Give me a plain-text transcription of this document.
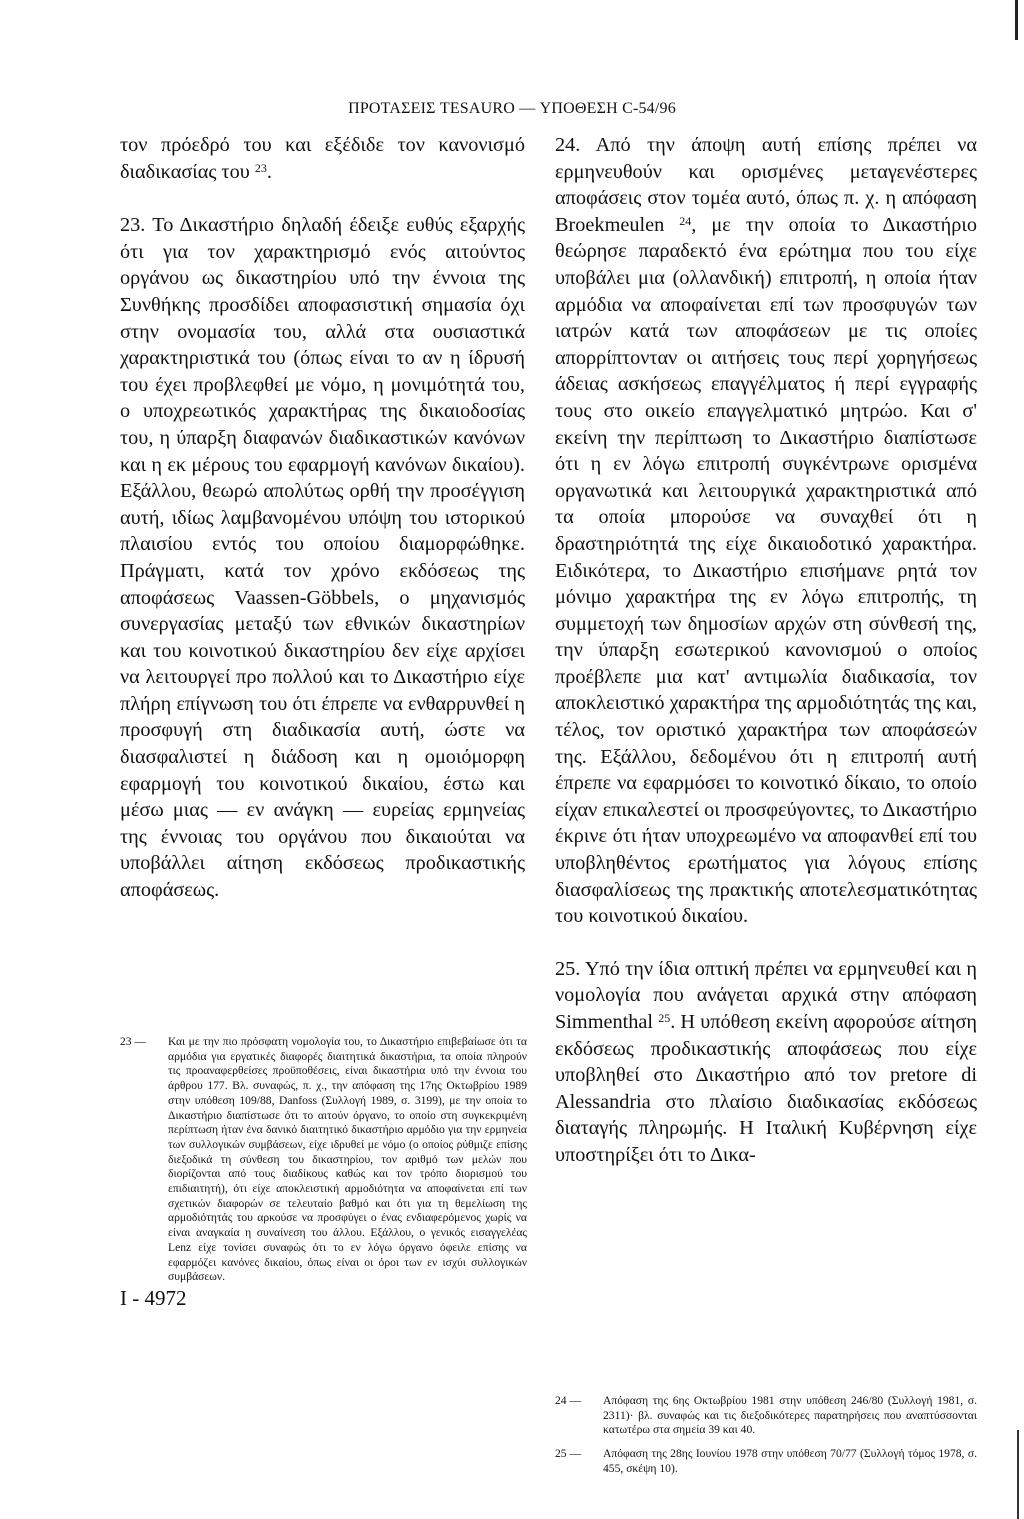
ΠΡΟΤΑΣΕΙΣ TESAURO — ΥΠΟΘΕΣΗ C-54/96

τον πρόεδρό του και εξέδιδε τον κανονισμό διαδικασίας του $^{23}$.

23. Το Δικαστήριο δηλαδή έδειξε ευθύς εξαρχής ότι για τον χαρακτηρισμό ενός αιτούντος οργάνου ως δικαστηρίου υπό την έννοια της Συνθήκης προσδίδει αποφασιστική σημασία όχι στην ονομασία του, αλλά στα ουσιαστικά χαρακτηριστικά του (όπως είναι το αν η ίδρυσή του έχει προβλεφθεί με νόμο, η μονιμότητά του, ο υποχρεωτικός χαρακτήρας της δικαιοδοσίας του, η ύπαρξη διαφανών διαδικαστικών κανόνων και η εκ μέρους του εφαρμογή κανόνων δικαίου). Εξάλλου, θεωρώ απολύτως ορθή την προσέγγιση αυτή, ιδίως λαμβανομένου υπόψη του ιστορικού πλαισίου εντός του οποίου διαμορφώθηκε. Πράγματι, κατά τον χρόνο εκδόσεως της αποφάσεως Vaassen-Göbbels, ο μηχανισμός συνεργασίας μεταξύ των εθνικών δικαστηρίων και του κοινοτικού δικαστηρίου δεν είχε αρχίσει να λειτουργεί προ πολλού και το Δικαστήριο είχε πλήρη επίγνωση του ότι έπρεπε να ενθαρρυνθεί η προσφυγή στη διαδικασία αυτή, ώστε να διασφαλιστεί η διάδοση και η ομοιόμορφη εφαρμογή του κοινοτικού δικαίου, έστω και μέσω μιας — εν ανάγκη — ευρείας ερμηνείας της έννοιας του οργάνου που δικαιούται να υποβάλλει αίτηση εκδόσεως προδικαστικής αποφάσεως.

24. Από την άποψη αυτή επίσης πρέπει να ερμηνευθούν και ορισμένες μεταγενέστερες αποφάσεις στον τομέα αυτό, όπως π. χ. η απόφαση Broekmeulen $^{24}$, με την οποία το Δικαστήριο θεώρησε παραδεκτό ένα ερώτημα που του είχε υποβάλει μια (ολλανδική) επιτροπή, η οποία ήταν αρμόδια να αποφαίνεται επί των προσφυγών των ιατρών κατά των αποφάσεων με τις οποίες απορρίπτονταν οι αιτήσεις τους περί χορηγήσεως άδειας ασκήσεως επαγγέλματος ή περί εγγραφής τους στο οικείο επαγγελματικό μητρώο. Και σ' εκείνη την περίπτωση το Δικαστήριο διαπίστωσε ότι η εν λόγω επιτροπή συγκέντρωνε ορισμένα οργανωτικά και λειτουργικά χαρακτηριστικά από τα οποία μπορούσε να συναχθεί ότι η δραστηριότητά της είχε δικαιοδοτικό χαρακτήρα. Ειδικότερα, το Δικαστήριο επισήμανε ρητά τον μόνιμο χαρακτήρα της εν λόγω επιτροπής, τη συμμετοχή των δημοσίων αρχών στη σύνθεσή της, την ύπαρξη εσωτερικού κανονισμού ο οποίος προέβλεπε μια κατ' αντιμωλία διαδικασία, τον αποκλειστικό χαρακτήρα της αρμοδιότητάς της και, τέλος, τον οριστικό χαρακτήρα των αποφάσεών της. Εξάλλου, δεδομένου ότι η επιτροπή αυτή έπρεπε να εφαρμόσει το κοινοτικό δίκαιο, το οποίο είχαν επικαλεστεί οι προσφεύγοντες, το Δικαστήριο έκρινε ότι ήταν υποχρεωμένο να αποφανθεί επί του υποβληθέντος ερωτήματος για λόγους επίσης διασφαλίσεως της πρακτικής αποτελεσματικότητας του κοινοτικού δικαίου.

25. Υπό την ίδια οπτική πρέπει να ερμηνευθεί και η νομολογία που ανάγεται αρχικά στην απόφαση Simmenthal $^{25}$. Η υπόθεση εκείνη αφορούσε αίτηση εκδόσεως προδικαστικής αποφάσεως που είχε υποβληθεί στο Δικαστήριο από τον pretore di Alessandria στο πλαίσιο διαδικασίας εκδόσεως διαταγής πληρωμής. Η Ιταλική Κυβέρνηση είχε υποστηρίξει ότι το Δικα-

23 —	Και με την πιο πρόσφατη νομολογία του, το Δικαστήριο επιβεβαίωσε ότι τα αρμόδια για εργατικές διαφορές διαιτητικά δικαστήρια, τα οποία πληρούν τις προαναφερθείσες προϋποθέσεις, είναι δικαστήρια υπό την έννοια του άρθρου 177. Βλ. συναφώς, π. χ., την απόφαση της 17ης Οκτωβρίου 1989 στην υπόθεση 109/88, Danfoss (Συλλογή 1989, σ. 3199), με την οποία το Δικαστήριο διαπίστωσε ότι το αιτούν όργανο, το οποίο στη συγκεκριμένη περίπτωση ήταν ένα δανικό διαιτητικό δικαστήριο αρμόδιο για την ερμηνεία των συλλογικών συμβάσεων, είχε ιδρυθεί με νόμο (ο οποίος ρύθμιζε επίσης διεξοδικά τη σύνθεση του δικαστηρίου, τον αριθμό των μελών που διορίζονται από τους διαδίκους καθώς και τον τρόπο διορισμού του επιδιαιτητή), ότι είχε αποκλειστική αρμοδιότητα να αποφαίνεται επί των σχετικών διαφορών σε τελευταίο βαθμό και ότι για τη θεμελίωση της αρμοδιότητάς του αρκούσε να προσφύγει ο ένας ενδιαφερόμενος χωρίς να είναι αναγκαία η συναίνεση του άλλου. Εξάλλου, ο γενικός εισαγγελέας Lenz είχε τονίσει συναφώς ότι το εν λόγω όργανο όφειλε επίσης να εφαρμόζει κανόνες δικαίου, όπως είναι οι όροι των εν ισχύι συλλογικών συμβάσεων.
24 —	Απόφαση της 6ης Οκτωβρίου 1981 στην υπόθεση 246/80 (Συλλογή 1981, σ. 2311)· βλ. συναφώς και τις διεξοδικότερες παρατηρήσεις που αναπτύσσονται κατωτέρω στα σημεία 39 και 40.
25 —	Απόφαση της 28ης Ιουνίου 1978 στην υπόθεση 70/77 (Συλλογή τόμος 1978, σ. 455, σκέψη 10).
I - 4972
